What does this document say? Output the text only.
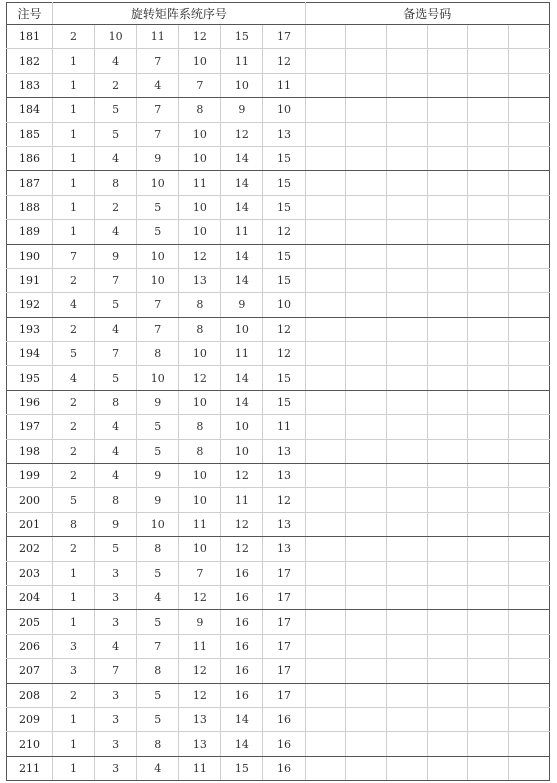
注号	旋转矩阵系统序号						备选号码					
181	2	10	11	12	15	17						
182	1	4	7	10	11	12						
183	1	2	4	7	10	11						
184	1	5	7	8	9	10						
185	1	5	7	10	12	13						
186	1	4	9	10	14	15						
187	1	8	10	11	14	15						
188	1	2	5	10	14	15						
189	1	4	5	10	11	12						
190	7	9	10	12	14	15						
191	2	7	10	13	14	15						
192	4	5	7	8	9	10						
193	2	4	7	8	10	12						
194	5	7	8	10	11	12						
195	4	5	10	12	14	15						
196	2	8	9	10	14	15						
197	2	4	5	8	10	11						
198	2	4	5	8	10	13						
199	2	4	9	10	12	13						
200	5	8	9	10	11	12						
201	8	9	10	11	12	13						
202	2	5	8	10	12	13						
203	1	3	5	7	16	17						
204	1	3	4	12	16	17						
205	1	3	5	9	16	17						
206	3	4	7	11	16	17						
207	3	7	8	12	16	17						
208	2	3	5	12	16	17						
209	1	3	5	13	14	16						
210	1	3	8	13	14	16						
211	1	3	4	11	15	16						
